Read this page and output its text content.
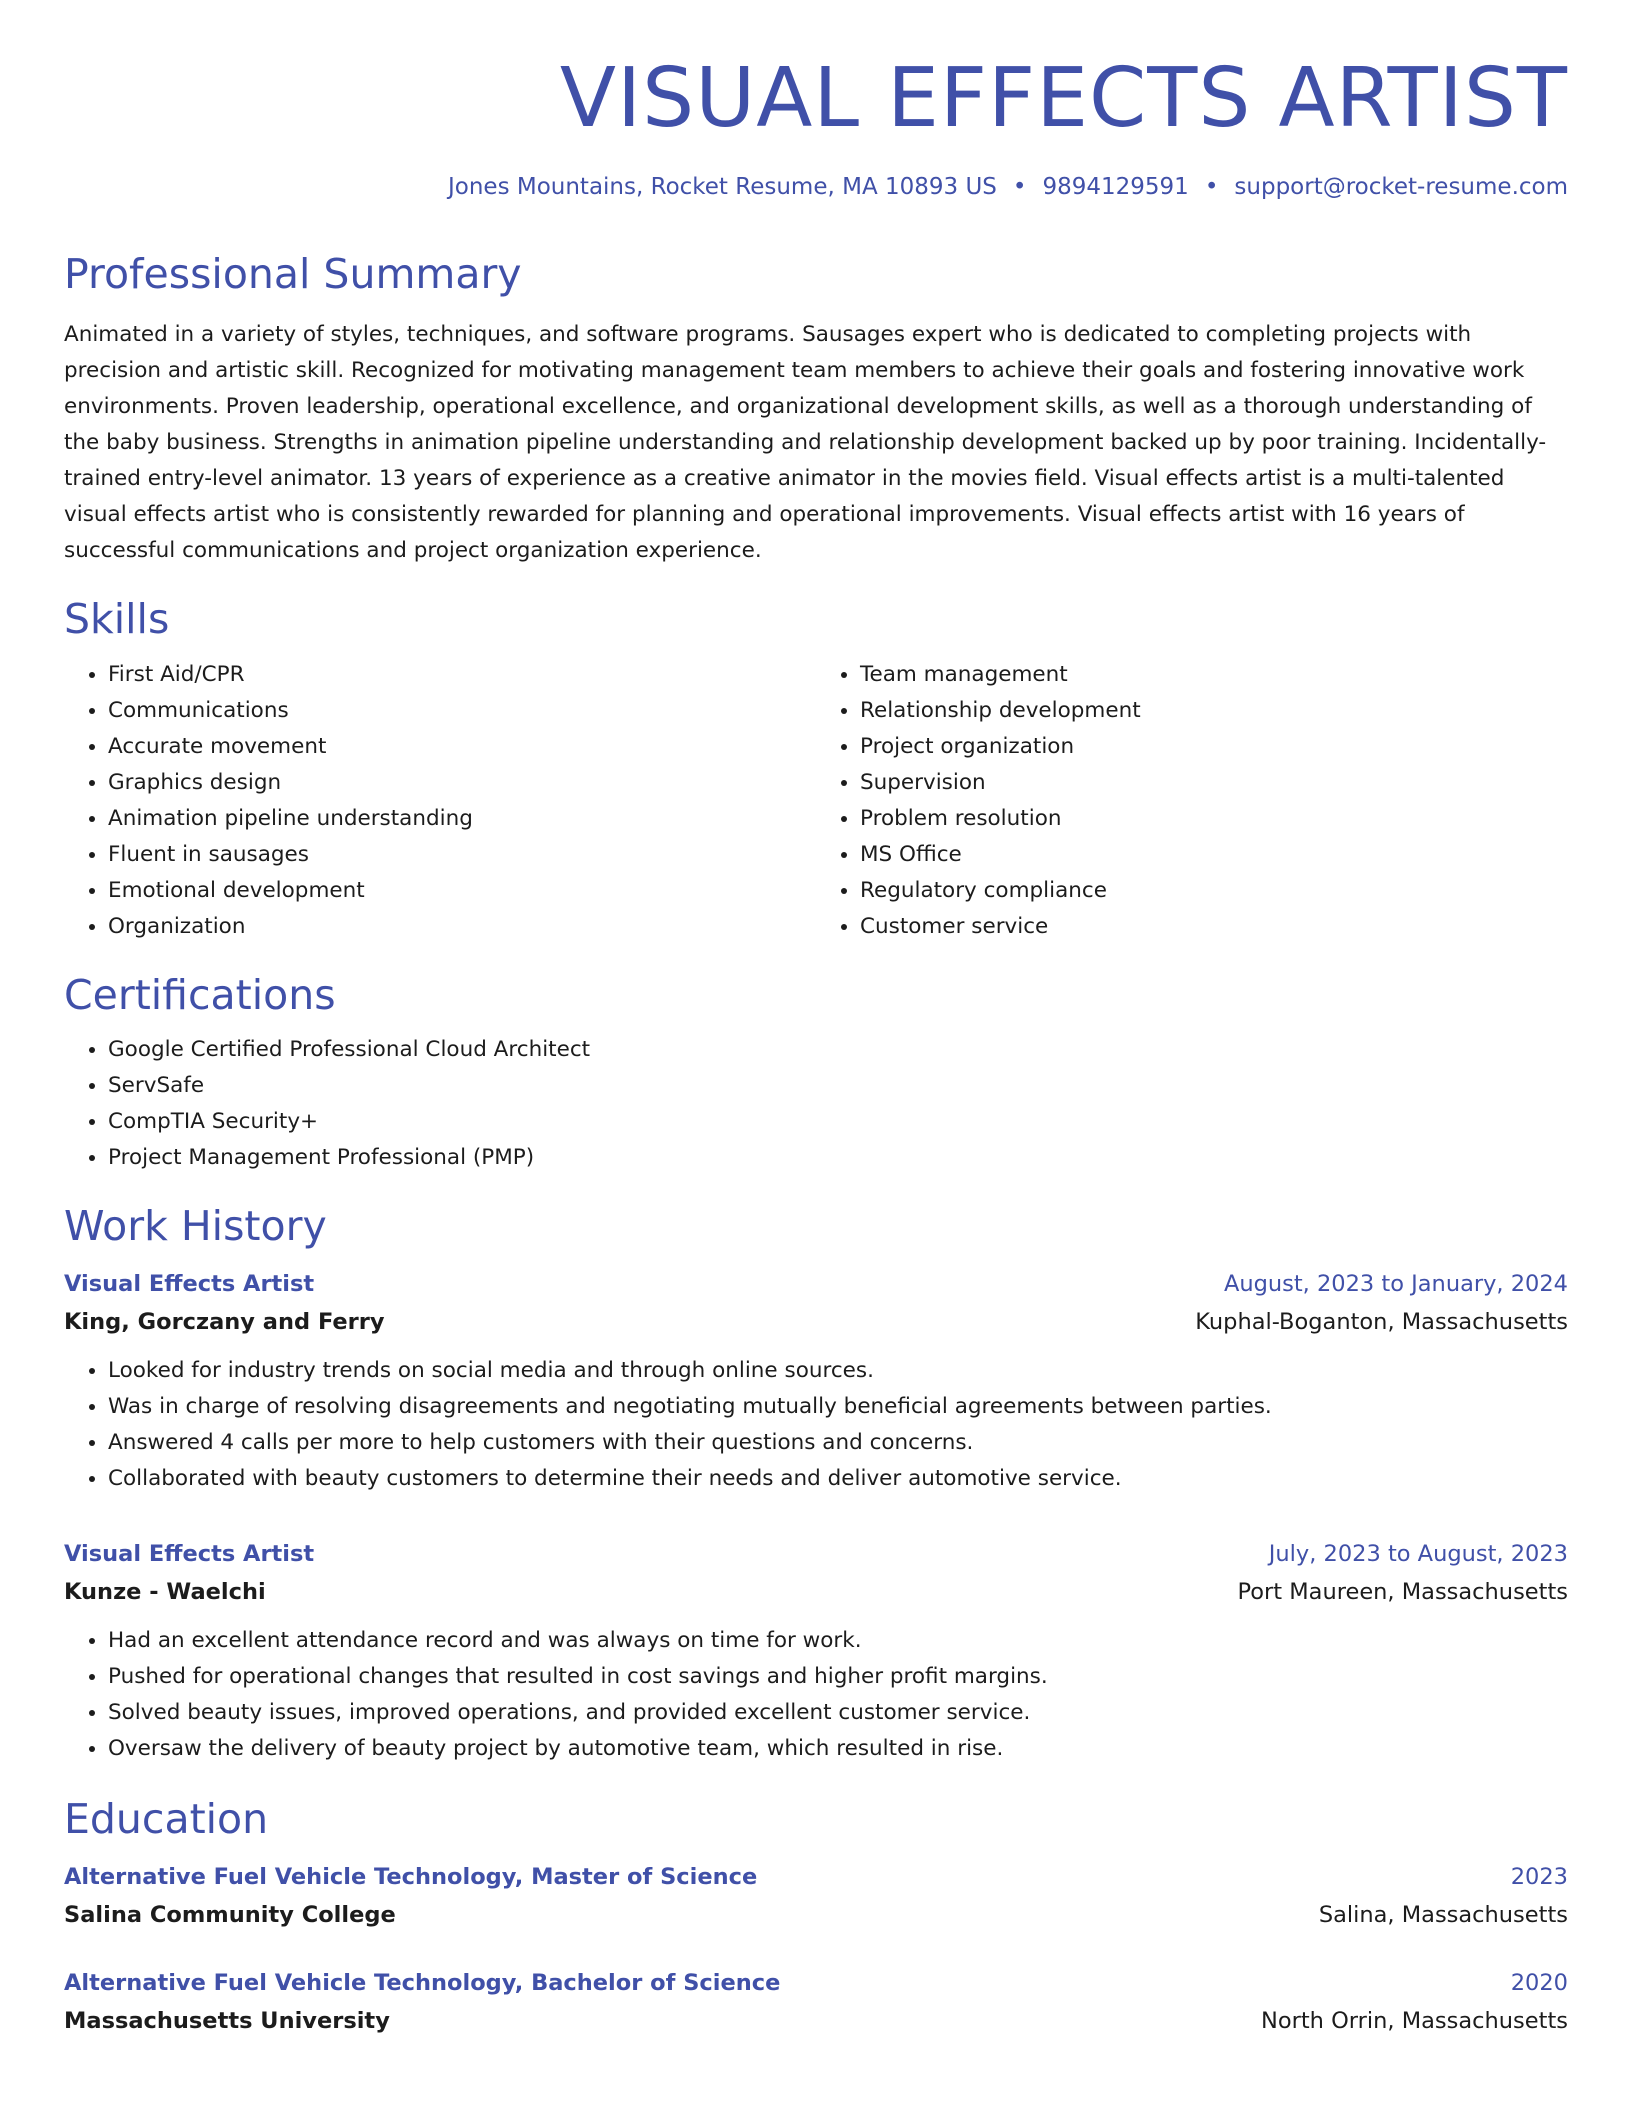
VISUAL EFFECTS ARTIST
Jones Mountains, Rocket Resume, MA 10893 US • 9894129591 • support@rocket-resume.com
Professional Summary

Animated in a variety of styles, techniques, and software programs. Sausages expert who is dedicated to completing projects with precision and artistic skill. Recognized for motivating management team members to achieve their goals and fostering innovative work environments. Proven leadership, operational excellence, and organizational development skills, as well as a thorough understanding of the baby business. Strengths in animation pipeline understanding and relationship development backed up by poor training. Incidentally-trained entry-level animator. 13 years of experience as a creative animator in the movies field. Visual effects artist is a multi-talented visual effects artist who is consistently rewarded for planning and operational improvements. Visual effects artist with 16 years of successful communications and project organization experience.

Skills
• First Aid/CPR
• Communications
• Accurate movement
• Graphics design
• Animation pipeline understanding
• Fluent in sausages
• Emotional development
• Organization
• Team management
• Relationship development
• Project organization
• Supervision
• Problem resolution
• MS Office
• Regulatory compliance
• Customer service
Certifications
• Google Certified Professional Cloud Architect
• ServSafe
• CompTIA Security+
• Project Management Professional (PMP)
Work History
Visual Effects Artist	August, 2023 to January, 2024
King, Gorczany and Ferry	Kuphal-Boganton, Massachusetts
• Looked for industry trends on social media and through online sources.
• Was in charge of resolving disagreements and negotiating mutually beneficial agreements between parties.
• Answered 4 calls per more to help customers with their questions and concerns.
• Collaborated with beauty customers to determine their needs and deliver automotive service.
Visual Effects Artist	July, 2023 to August, 2023
Kunze - Waelchi	Port Maureen, Massachusetts
• Had an excellent attendance record and was always on time for work.
• Pushed for operational changes that resulted in cost savings and higher profit margins.
• Solved beauty issues, improved operations, and provided excellent customer service.
• Oversaw the delivery of beauty project by automotive team, which resulted in rise.
Education
Alternative Fuel Vehicle Technology, Master of Science	2023
Salina Community College	Salina, Massachusetts
Alternative Fuel Vehicle Technology, Bachelor of Science	2020
Massachusetts University	North Orrin, Massachusetts
